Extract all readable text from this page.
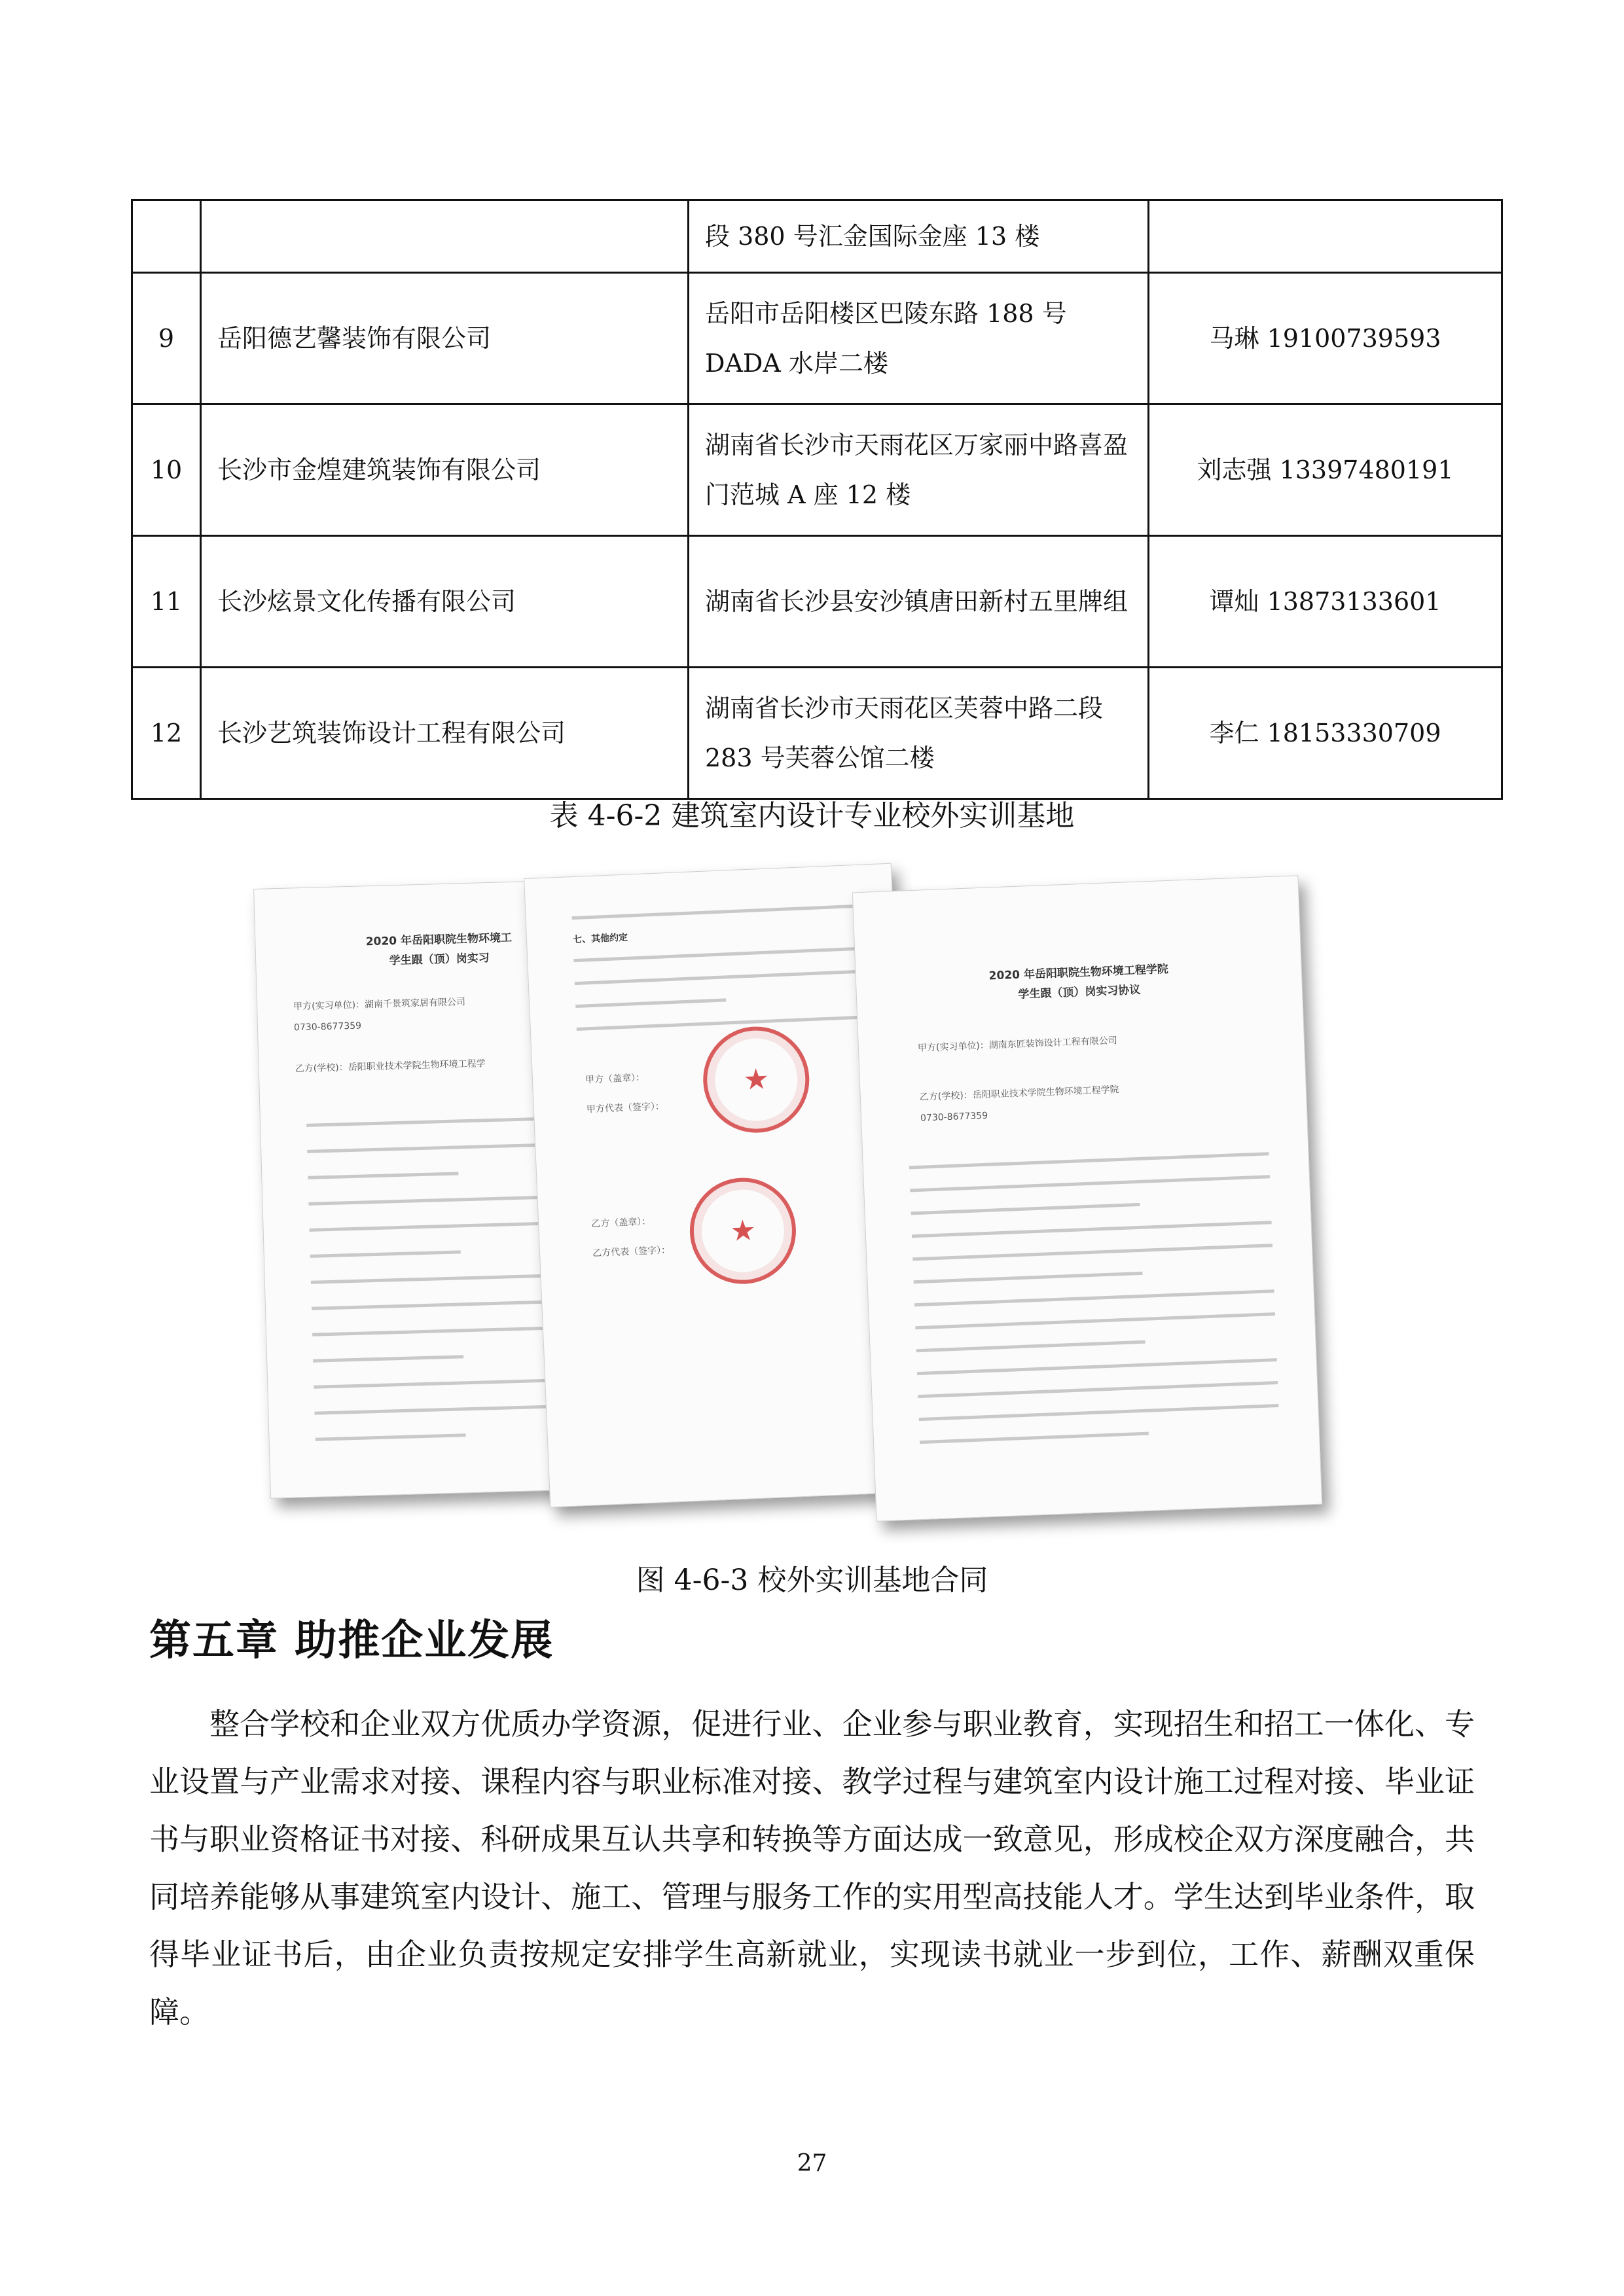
		段 380 号汇金国际金座 13 楼	
9	岳阳德艺馨装饰有限公司	岳阳市岳阳楼区巴陵东路 188 号 DADA 水岸二楼	马琳 19100739593
10	长沙市金煌建筑装饰有限公司	湖南省长沙市天雨花区万家丽中路喜盈门范城 A 座 12 楼	刘志强 13397480191
11	长沙炫景文化传播有限公司	湖南省长沙县安沙镇唐田新村五里牌组	谭灿 13873133601
12	长沙艺筑装饰设计工程有限公司	湖南省长沙市天雨花区芙蓉中路二段 283 号芙蓉公馆二楼	李仁 18153330709
表 4-6-2 建筑室内设计专业校外实训基地
2020 年岳阳职院生物环境工
学生跟（顶）岗实习
甲方(实习单位)：湖南千景筑家居有限公司
0730-8677359
乙方(学校)：岳阳职业技术学院生物环境工程学
七、其他约定
甲方（盖章）：
甲方代表（签字）：
★
乙方（盖章）：
乙方代表（签字）：
★
2020 年岳阳职院生物环境工程学院
学生跟（顶）岗实习协议
甲方(实习单位)：湖南东匠装饰设计工程有限公司
乙方(学校)：岳阳职业技术学院生物环境工程学院
0730-8677359
图 4-6-3 校外实训基地合同
第五章 助推企业发展

整合学校和企业双方优质办学资源，促进行业、企业参与职业教育，实现招生和招工一体化、专业设置与产业需求对接、课程内容与职业标准对接、教学过程与建筑室内设计施工过程对接、毕业证书与职业资格证书对接、科研成果互认共享和转换等方面达成一致意见，形成校企双方深度融合，共同培养能够从事建筑室内设计、施工、管理与服务工作的实用型高技能人才。学生达到毕业条件，取得毕业证书后，由企业负责按规定安排学生高新就业，实现读书就业一步到位，工作、薪酬双重保障。

27
